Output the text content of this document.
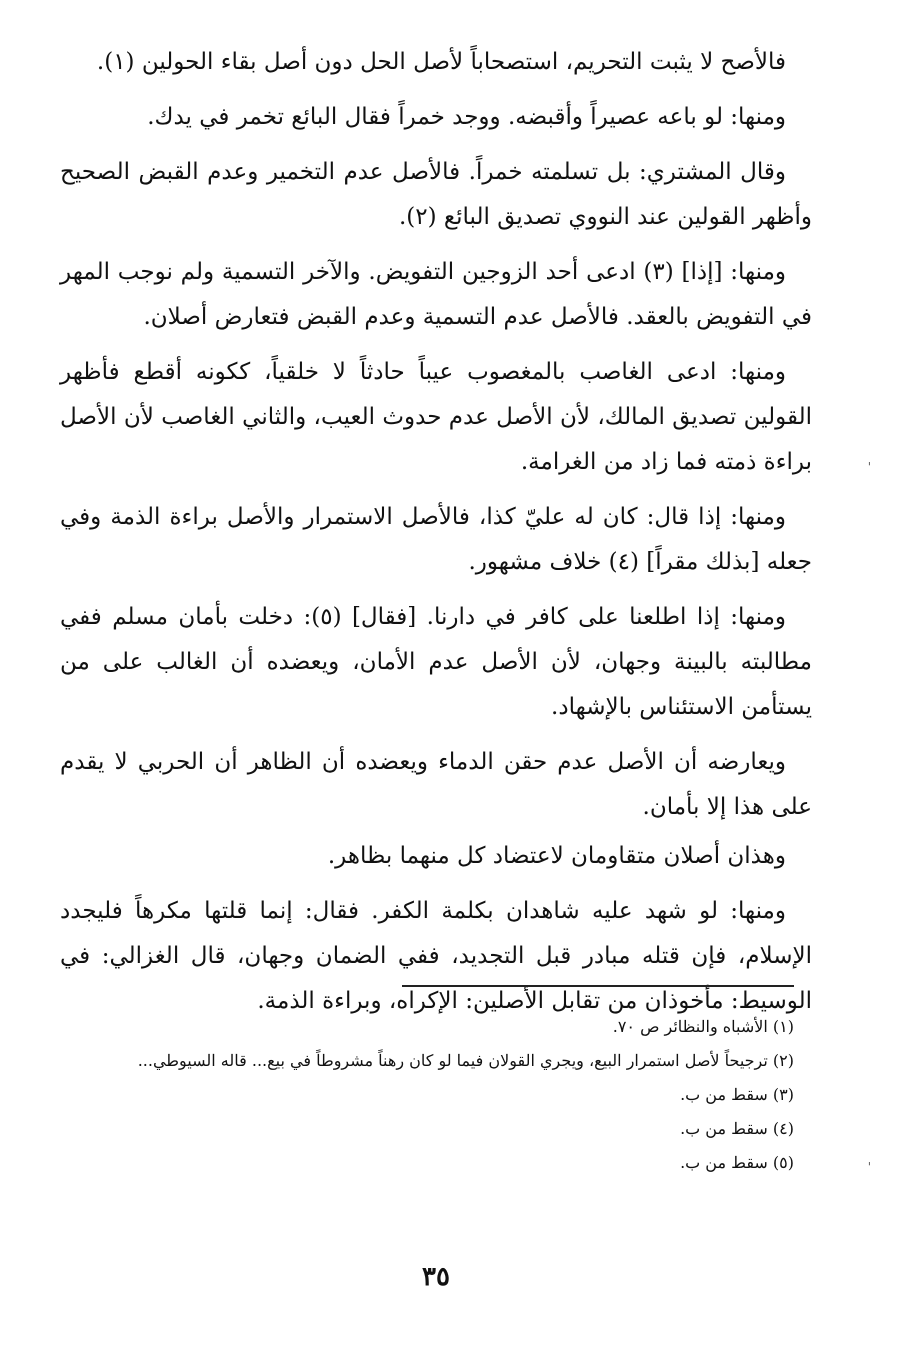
فالأصح لا يثبت التحريم، استصحاباً لأصل الحل دون أصل بقاء الحولين (١).

ومنها: لو باعه عصيراً وأقبضه. ووجد خمراً فقال البائع تخمر في يدك.

وقال المشتري: بل تسلمته خمراً. فالأصل عدم التخمير وعدم القبض الصحيح وأظهر القولين عند النووي تصديق البائع (٢).

ومنها: [إذا] (٣) ادعى أحد الزوجين التفويض. والآخر التسمية ولم نوجب المهر في التفويض بالعقد. فالأصل عدم التسمية وعدم القبض فتعارض أصلان.

ومنها: ادعى الغاصب بالمغصوب عيباً حادثاً لا خلقياً، ككونه أقطع فأظهر القولين تصديق المالك، لأن الأصل عدم حدوث العيب، والثاني الغاصب لأن الأصل براءة ذمته فما زاد من الغرامة.

ومنها: إذا قال: كان له عليّ كذا، فالأصل الاستمرار والأصل براءة الذمة وفي جعله [بذلك مقراً] (٤) خلاف مشهور.

ومنها: إذا اطلعنا على كافر في دارنا. [فقال] (٥): دخلت بأمان مسلم ففي مطالبته بالبينة وجهان، لأن الأصل عدم الأمان، ويعضده أن الغالب على من يستأمن الاستئناس بالإشهاد.

ويعارضه أن الأصل عدم حقن الدماء ويعضده أن الظاهر أن الحربي لا يقدم على هذا إلا بأمان.

وهذان أصلان متقاومان لاعتضاد كل منهما بظاهر.

ومنها: لو شهد عليه شاهدان بكلمة الكفر. فقال: إنما قلتها مكرهاً فليجدد الإسلام، فإن قتله مبادر قبل التجديد، ففي الضمان وجهان، قال الغزالي: في الوسيط: مأخوذان من تقابل الأصلين: الإكراه، وبراءة الذمة.

(١) الأشباه والنظائر ص ٧٠.

(٢) ترجيحاً لأصل استمرار البيع، ويجري القولان فيما لو كان رهناً مشروطاً في بيع... قاله السيوطي...

(٣) سقط من ب.

(٤) سقط من ب.

(٥) سقط من ب.

٣٥
'
'
